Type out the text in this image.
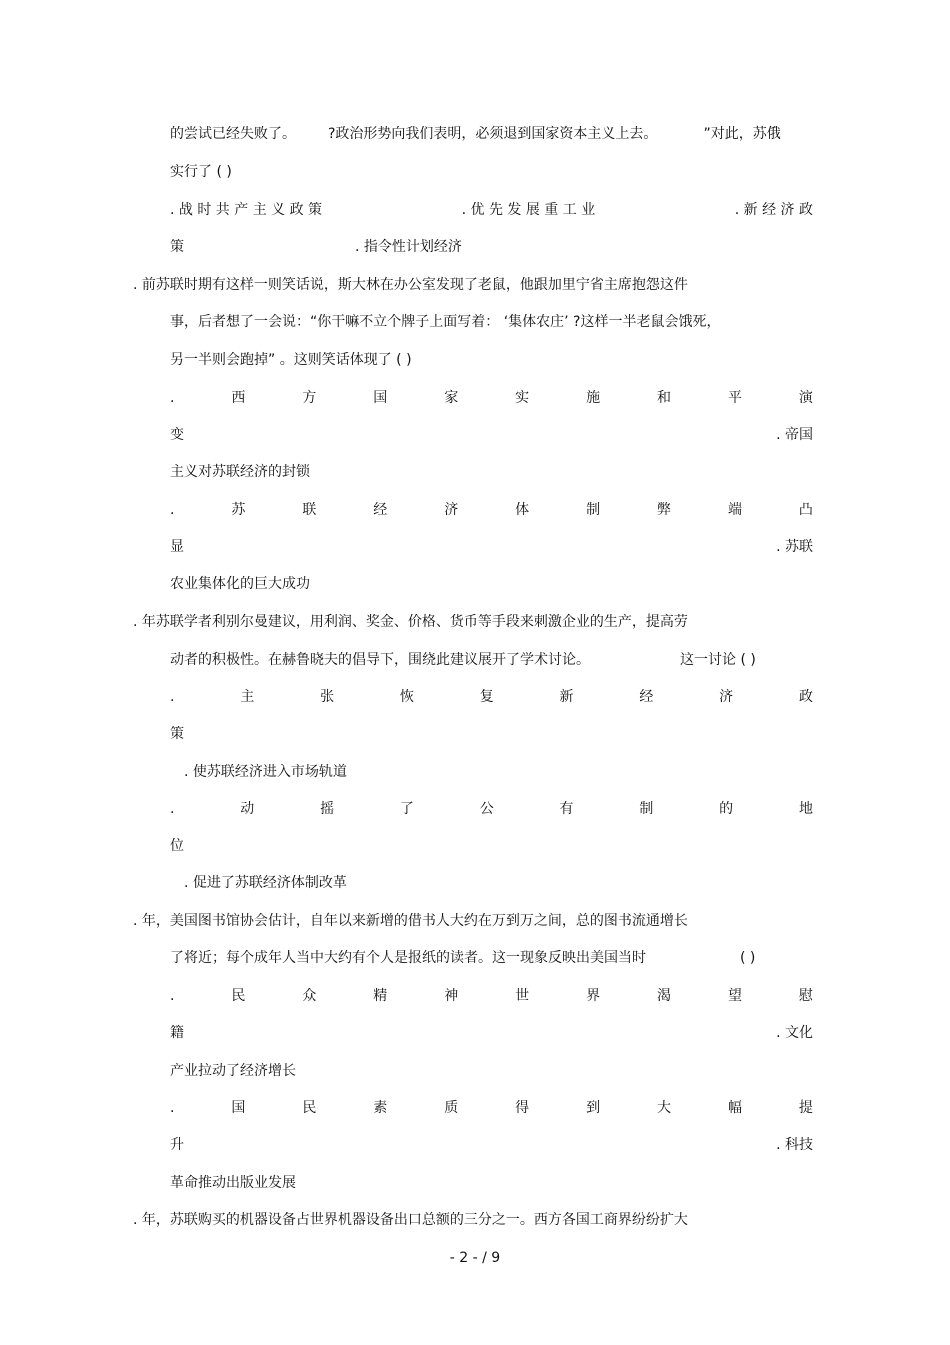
的尝试已经失败了。 ?政治形势向我们表明，必须退到国家资本主义上去。	”对此，苏俄
实行了 ( )
. 战 时 共 产 主 义 政 策	. 优 先 发 展 重 工 业	. 新 经 济 政
策	. 指令性计划经济
. 前苏联时期有这样一则笑话说，斯大林在办公室发现了老鼠，他跟加里宁省主席抱怨这件
事，后者想了一会说：“你干嘛不立个牌子上面写着： ‘集体农庄’ ?这样一半老鼠会饿死，
另一半则会跑掉” 。这则笑话体现了 ( )
.	西	方	国	家	实	施	和	平	演
变	. 帝国
主义对苏联经济的封锁
.	苏	联	经	济	体	制	弊	端	凸
显	. 苏联
农业集体化的巨大成功
. 年苏联学者利别尔曼建议，用利润、奖金、价格、货币等手段来刺激企业的生产，提高劳
动者的积极性。在赫鲁晓夫的倡导下，围绕此建议展开了学术讨论。	这一讨论 ( )
.	主	张	恢	复	新	经	济	政
策
. 使苏联经济进入市场轨道
.	动	摇	了	公	有	制	的	地
位
. 促进了苏联经济体制改革
. 年，美国图书馆协会估计，自年以来新增的借书人大约在万到万之间，总的图书流通增长
了将近；每个成年人当中大约有个人是报纸的读者。这一现象反映出美国当时	( )
.	民	众	精	神	世	界	渴	望	慰
籍	. 文化
产业拉动了经济增长
.	国	民	素	质	得	到	大	幅	提
升	. 科技
革命推动出版业发展
. 年，苏联购买的机器设备占世界机器设备出口总额的三分之一。西方各国工商界纷纷扩大
- 2 - / 9
